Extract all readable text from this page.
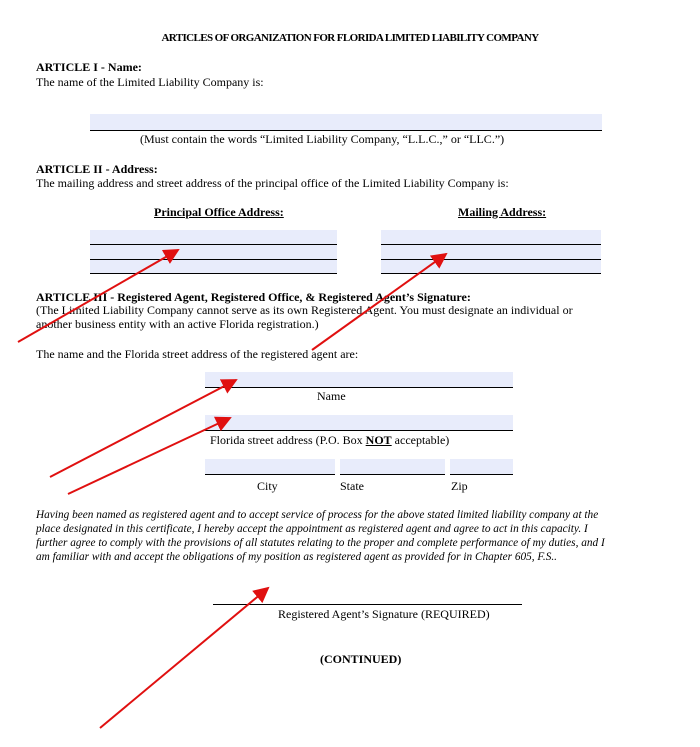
ARTICLES OF ORGANIZATION FOR FLORIDA LIMITED LIABILITY COMPANY
ARTICLE I - Name:
The name of the Limited Liability Company is:
(Must contain the words “Limited Liability Company, “L.L.C.,” or “LLC.”)
ARTICLE II - Address:
The mailing address and street address of the principal office of the Limited Liability Company is:
Principal Office Address:	Mailing Address:
ARTICLE III - Registered Agent, Registered Office, & Registered Agent’s Signature:
(The Limited Liability Company cannot serve as its own Registered Agent. You must designate an individual or
another business entity with an active Florida registration.)
The name and the Florida street address of the registered agent are:
Name
Florida street address (P.O. Box NOT acceptable)
City	State	Zip
Having been named as registered agent and to accept service of process for the above stated limited liability company at the
place designated in this certificate, I hereby accept the appointment as registered agent and agree to act in this capacity. I
further agree to comply with the provisions of all statutes relating to the proper and complete performance of my duties, and I
am familiar with and accept the obligations of my position as registered agent as provided for in Chapter 605, F.S..
Registered Agent’s Signature (REQUIRED)
(CONTINUED)
